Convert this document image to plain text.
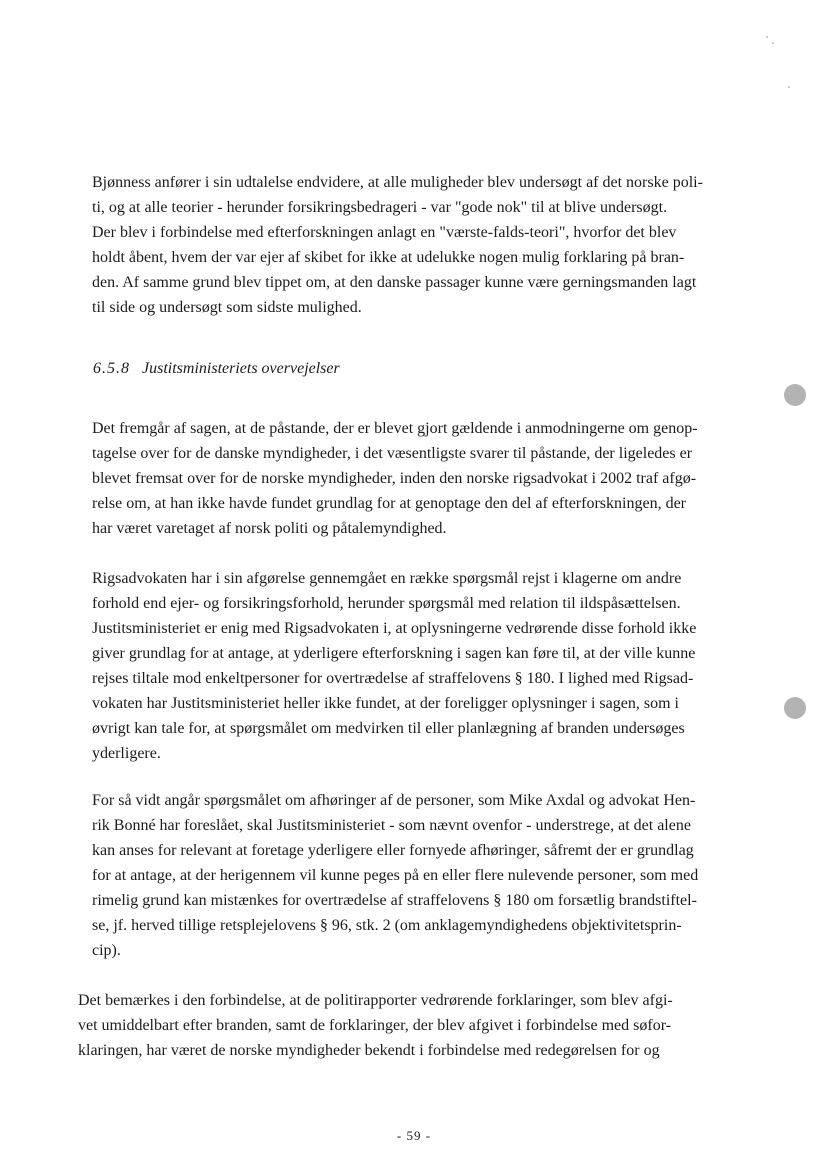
Bjønness anfører i sin udtalelse endvidere, at alle muligheder blev undersøgt af det norske poli-
ti, og at alle teorier - herunder forsikringsbedrageri - var "gode nok" til at blive undersøgt.
Der blev i forbindelse med efterforskningen anlagt en "værste-falds-teori", hvorfor det blev
holdt åbent, hvem der var ejer af skibet for ikke at udelukke nogen mulig forklaring på bran-
den. Af samme grund blev tippet om, at den danske passager kunne være gerningsmanden lagt
til side og undersøgt som sidste mulighed.
6.5.8 Justitsministeriets overvejelser
Det fremgår af sagen, at de påstande, der er blevet gjort gældende i anmodningerne om genop-
tagelse over for de danske myndigheder, i det væsentligste svarer til påstande, der ligeledes er
blevet fremsat over for de norske myndigheder, inden den norske rigsadvokat i 2002 traf afgø-
relse om, at han ikke havde fundet grundlag for at genoptage den del af efterforskningen, der
har været varetaget af norsk politi og påtalemyndighed.
Rigsadvokaten har i sin afgørelse gennemgået en række spørgsmål rejst i klagerne om andre
forhold end ejer- og forsikringsforhold, herunder spørgsmål med relation til ildspåsættelsen.
Justitsministeriet er enig med Rigsadvokaten i, at oplysningerne vedrørende disse forhold ikke
giver grundlag for at antage, at yderligere efterforskning i sagen kan føre til, at der ville kunne
rejses tiltale mod enkeltpersoner for overtrædelse af straffelovens § 180. I lighed med Rigsad-
vokaten har Justitsministeriet heller ikke fundet, at der foreligger oplysninger i sagen, som i
øvrigt kan tale for, at spørgsmålet om medvirken til eller planlægning af branden undersøges
yderligere.
For så vidt angår spørgsmålet om afhøringer af de personer, som Mike Axdal og advokat Hen-
rik Bonné har foreslået, skal Justitsministeriet - som nævnt ovenfor - understrege, at det alene
kan anses for relevant at foretage yderligere eller fornyede afhøringer, såfremt der er grundlag
for at antage, at der herigennem vil kunne peges på en eller flere nulevende personer, som med
rimelig grund kan mistænkes for overtrædelse af straffelovens § 180 om forsætlig brandstiftel-
se, jf. herved tillige retsplejelovens § 96, stk. 2 (om anklagemyndighedens objektivitetsprin-
cip).
Det bemærkes i den forbindelse, at de politirapporter vedrørende forklaringer, som blev afgi-
vet umiddelbart efter branden, samt de forklaringer, der blev afgivet i forbindelse med søfor-
klaringen, har været de norske myndigheder bekendt i forbindelse med redegørelsen for og
- 59 -
